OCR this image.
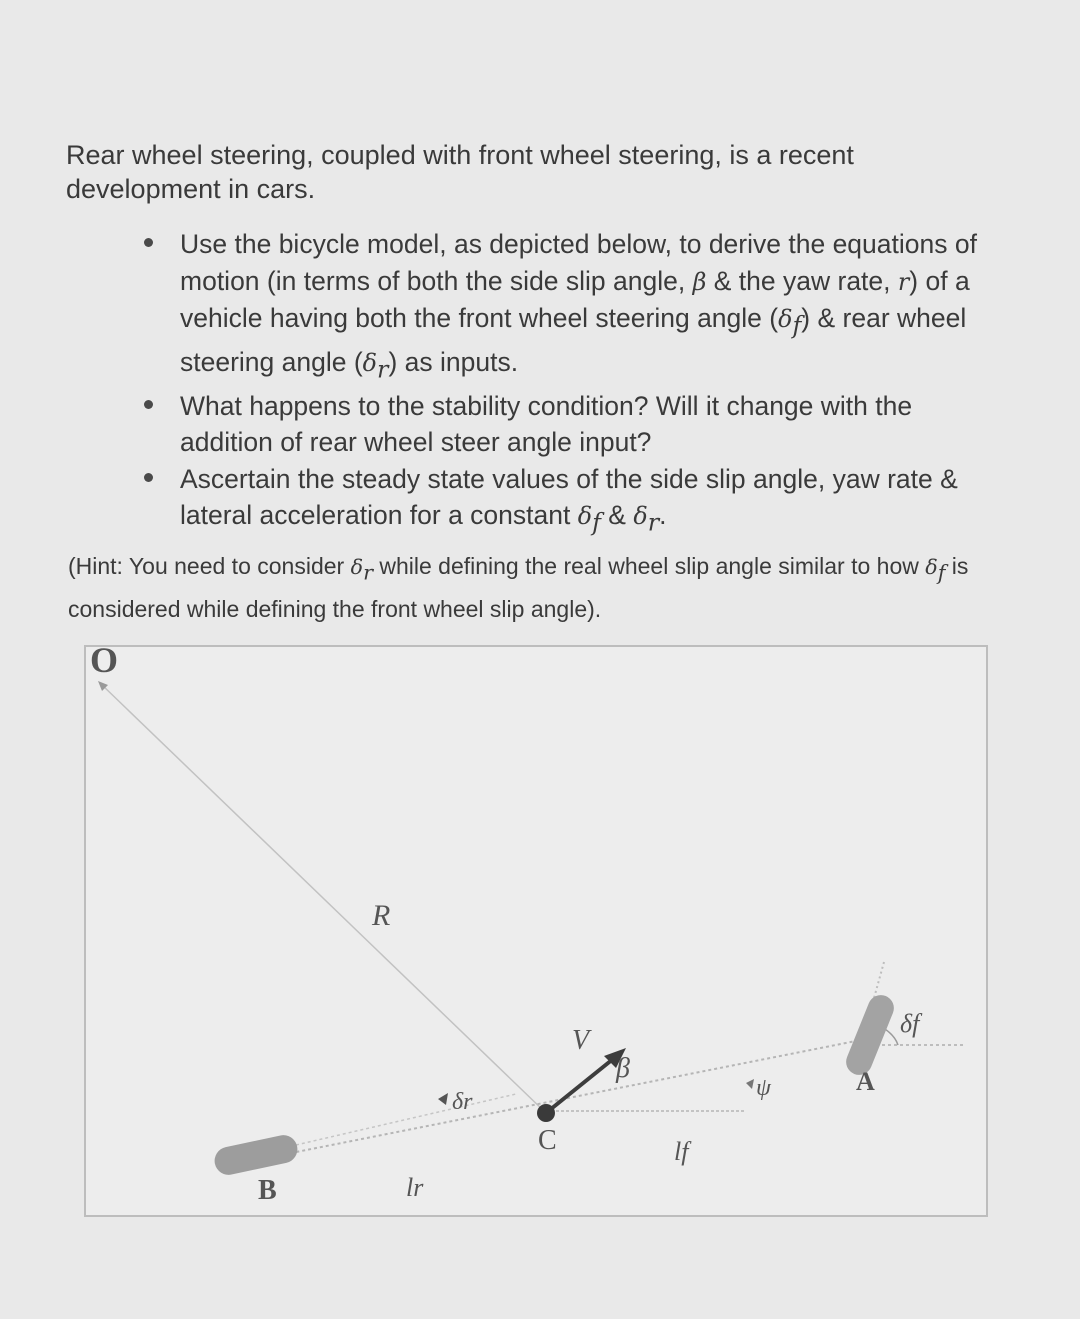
Rear wheel steering, coupled with front wheel steering, is a recent development in cars.
Use the bicycle model, as depicted below, to derive the equations of motion (in terms of both the side slip angle, β & the yaw rate, r) of a vehicle having both the front wheel steering angle $(\delta_f)$ & rear wheel steering angle $(\delta_r)$ as inputs.
What happens to the stability condition? Will it change with the addition of rear wheel steer angle input?
Ascertain the steady state values of the side slip angle, yaw rate & lateral acceleration for a constant $\delta_f$ & $\delta_r$.
(Hint: You need to consider $\delta_r$ while defining the real wheel slip angle similar to how $\delta_f$ is considered while defining the front wheel slip angle).
O
R
V
β
ψ
δf
δr
A
B
C	lf
lr
